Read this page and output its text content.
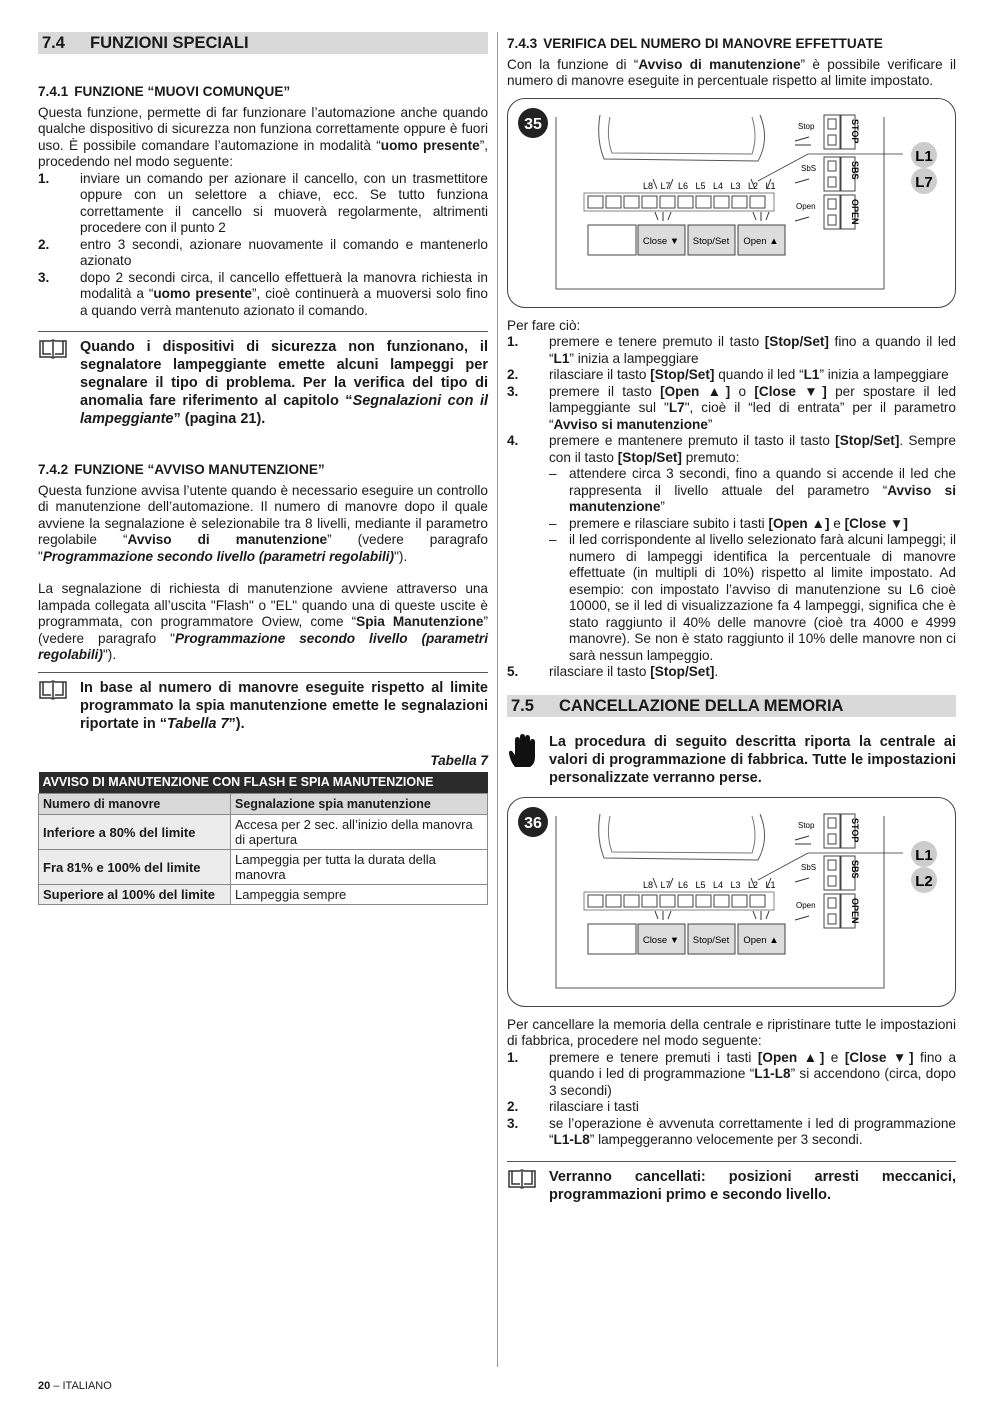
7.4	FUNZIONI SPECIALI
7.4.1 FUNZIONE “MUOVI COMUNQUE”

Questa funzione, permette di far funzionare l’automazione anche quando qualche dispositivo di sicurezza non funziona correttamente oppure è fuori uso. È possibile comandare l’automazione in modalità “uomo presente”, procedendo nel modo seguente:

1.	inviare un comando per azionare il cancello, con un trasmettitore oppure con un selettore a chiave, ecc. Se tutto funziona correttamente il cancello si muoverà regolarmente, altrimenti procedere con il punto 2
2.	entro 3 secondi, azionare nuovamente il comando e mantenerlo azionato
3.	dopo 2 secondi circa, il cancello effettuerà la manovra richiesta in modalità a “uomo presente”, cioè continuerà a muoversi solo fino a quando verrà mantenuto azionato il comando.
Quando i dispositivi di sicurezza non funzionano, il segnalatore lampeggiante emette alcuni lampeggi per segnalare il tipo di problema. Per la verifica del tipo di anomalia fare riferimento al capitolo “Segnalazioni con il lampeggiante” (pagina 21).
7.4.2 FUNZIONE “AVVISO MANUTENZIONE”

Questa funzione avvisa l’utente quando è necessario eseguire un controllo di manutenzione dell’automazione. Il numero di manovre dopo il quale avviene la segnalazione è selezionabile tra 8 livelli, mediante il parametro regolabile “Avviso di manutenzione” (vedere paragrafo "Programmazione secondo livello (parametri regolabili)").

La segnalazione di richiesta di manutenzione avviene attraverso una lampada collegata all’uscita "Flash" o "EL" quando una di queste uscite è programmata, con programmatore Oview, come “Spia Manutenzione” (vedere paragrafo "Programmazione secondo livello (parametri regolabili)").

In base al numero di manovre eseguite rispetto al limite programmato la spia manutenzione emette le segnalazioni riportate in “Tabella 7”).
Tabella 7
AVVISO DI MANUTENZIONE CON FLASH E SPIA MANUTENZIONE	
Numero di manovre	Segnalazione spia manutenzione
Inferiore a 80% del limite	Accesa per 2 sec. all’inizio della manovra di apertura
Fra 81% e 100% del limite	Lampeggia per tutta la durata della manovra
Superiore al 100% del limite	Lampeggia sempre
7.4.3 VERIFICA DEL NUMERO DI MANOVRE EFFETTUATE

Con la funzione di “Avviso di manutenzione” è possibile verificare il numero di manovre eseguite in percentuale rispetto al limite impostato.

35
L8 L7 L6 L5 L4 L3 L2 L1
Close ▼ Stop/Set Open ▲
Stop
SbS
Open
STOP
SBS
OPEN
L1
L7

Per fare ciò:

1.	premere e tenere premuto il tasto [Stop/Set] fino a quando il led “L1” inizia a lampeggiare
2.	rilasciare il tasto [Stop/Set] quando il led “L1” inizia a lampeggiare
3.	premere il tasto [Open ▲] o [Close ▼] per spostare il led lampeggiante sul "L7", cioè il “led di entrata” per il parametro “Avviso si manutenzione”
4.	premere e mantenere premuto il tasto il tasto [Stop/Set]. Sempre con il tasto [Stop/Set] premuto:
– attendere circa 3 secondi, fino a quando si accende il led che rappresenta il livello attuale del parametro “Avviso si manutenzione”
– premere e rilasciare subito i tasti [Open ▲] e [Close ▼]
– il led corrispondente al livello selezionato farà alcuni lampeggi; il numero di lampeggi identifica la percentuale di manovre effettuate (in multipli di 10%) rispetto al limite impostato. Ad esempio: con impostato l’avviso di manutenzione su L6 cioè 10000, se il led di visualizzazione fa 4 lampeggi, significa che è stato raggiunto il 40% delle manovre (cioè tra 4000 e 4999 manovre). Se non è stato raggiunto il 10% delle manovre non ci sarà nessun lampeggio.
5.	rilasciare il tasto [Stop/Set].
7.5	CANCELLAZIONE DELLA MEMORIA
La procedura di seguito descritta riporta la centrale ai valori di programmazione di fabbrica. Tutte le impostazioni personalizzate verranno perse.
36
L8 L7 L6 L5 L4 L3 L2 L1
Close ▼ Stop/Set Open ▲
Stop
SbS
Open
STOP
SBS
OPEN
L1
L2

Per cancellare la memoria della centrale e ripristinare tutte le impostazioni di fabbrica, procedere nel modo seguente:

1.	premere e tenere premuti i tasti [Open ▲] e [Close ▼] fino a quando i led di programmazione “L1-L8” si accendono (circa, dopo 3 secondi)
2.	rilasciare i tasti
3.	se l’operazione è avvenuta correttamente i led di programmazione “L1-L8” lampeggeranno velocemente per 3 secondi.
Verranno cancellati: posizioni arresti meccanici, programmazioni primo e secondo livello.
20 – ITALIANO
